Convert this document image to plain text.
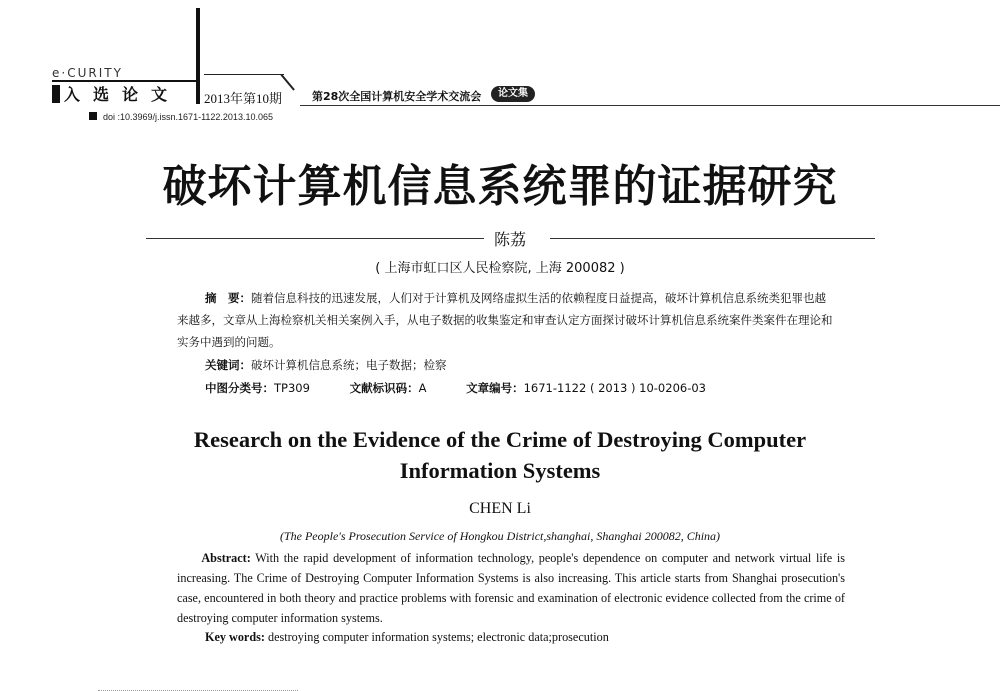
e·CURITY
入选论文 2013年第10期	第28次全国计算机安全学术交流会	论文集
doi :10.3969/j.issn.1671-1122.2013.10.065
破坏计算机信息系统罪的证据研究
陈荔
( 上海市虹口区人民检察院, 上海 200082 )
摘　要：随着信息科技的迅速发展，人们对于计算机及网络虚拟生活的依赖程度日益提高，破坏计算机信息系统类犯罪也越来越多，文章从上海检察机关相关案例入手，从电子数据的收集鉴定和审查认定方面探讨破坏计算机信息系统案件类案件在理论和实务中遇到的问题。
关键词：破坏计算机信息系统；电子数据；检察
中图分类号：TP309	文献标识码：A	文章编号：1671-1122 ( 2013 ) 10-0206-03
Research on the Evidence of the Crime of Destroying Computer
Information Systems
CHEN Li
(The People's Prosecution Service of Hongkou District,shanghai, Shanghai 200082, China)
  Abstract: With the rapid development of information technology, people's dependence on computer and network virtual life is increasing. The Crime of Destroying Computer Information Systems is also increasing. This article starts from Shanghai prosecution's case, encountered in both theory and practice problems with forensic and examination of electronic evidence collected from the crime of destroying computer information systems.
Key words: destroying computer information systems; electronic data;prosecution
